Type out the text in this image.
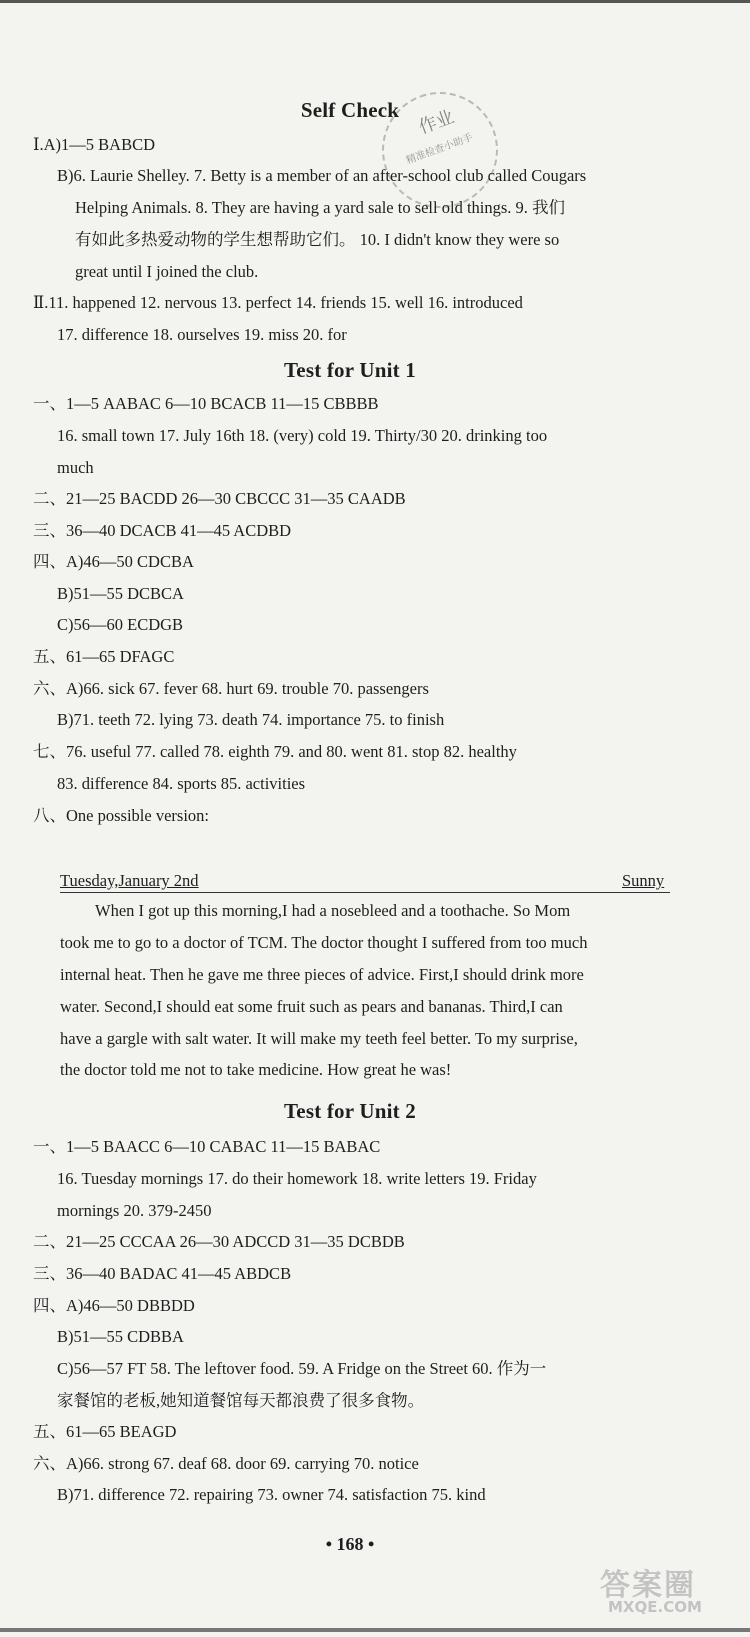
作业
精准检查小助手
Self Check
Ⅰ.A)1—5 BABCD
B)6. Laurie Shelley. 7. Betty is a member of an after-school club called Cougars
Helping Animals. 8. They are having a yard sale to sell old things. 9. 我们
有如此多热爱动物的学生想帮助它们。 10. I didn't know they were so
great until I joined the club.
Ⅱ.11. happened 12. nervous 13. perfect 14. friends 15. well 16. introduced
17. difference 18. ourselves 19. miss 20. for
Test for Unit 1
一、1—5 AABAC 6—10 BCACB 11—15 CBBBB
16. small town 17. July 16th 18. (very) cold 19. Thirty/30 20. drinking too
much
二、21—25 BACDD 26—30 CBCCC 31—35 CAADB
三、36—40 DCACB 41—45 ACDBD
四、A)46—50 CDCBA
B)51—55 DCBCA
C)56—60 ECDGB
五、61—65 DFAGC
六、A)66. sick 67. fever 68. hurt 69. trouble 70. passengers
B)71. teeth 72. lying 73. death 74. importance 75. to finish
七、76. useful 77. called 78. eighth 79. and 80. went 81. stop 82. healthy
83. difference 84. sports 85. activities
八、One possible version:
Tuesday,January 2nd	Sunny
When I got up this morning,I had a nosebleed and a toothache. So Mom
took me to go to a doctor of TCM. The doctor thought I suffered from too much
internal heat. Then he gave me three pieces of advice. First,I should drink more
water. Second,I should eat some fruit such as pears and bananas. Third,I can
have a gargle with salt water. It will make my teeth feel better. To my surprise,
the doctor told me not to take medicine. How great he was!
Test for Unit 2
一、1—5 BAACC 6—10 CABAC 11—15 BABAC
16. Tuesday mornings 17. do their homework 18. write letters 19. Friday
mornings 20. 379-2450
二、21—25 CCCAA 26—30 ADCCD 31—35 DCBDB
三、36—40 BADAC 41—45 ABDCB
四、A)46—50 DBBDD
B)51—55 CDBBA
C)56—57 FT 58. The leftover food. 59. A Fridge on the Street 60. 作为一
家餐馆的老板,她知道餐馆每天都浪费了很多食物。
五、61—65 BEAGD
六、A)66. strong 67. deaf 68. door 69. carrying 70. notice
B)71. difference 72. repairing 73. owner 74. satisfaction 75. kind
• 168 •
答案圈
MXQE.COM
